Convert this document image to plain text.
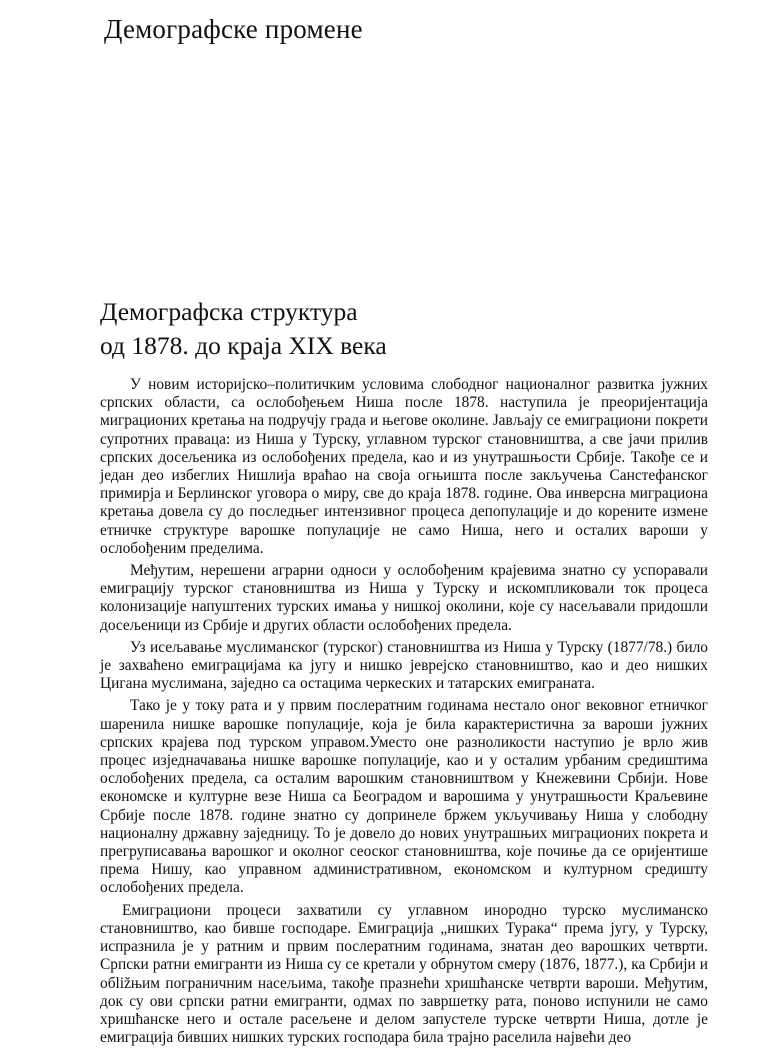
Демографске промене
Демографска структура
од 1878. до краја XIX века

У новим историјско–политичким условима слободног националног развитка јужних српских области, са ослобођењем Ниша после 1878. наступила је преоријентација миграционих кретања на подручју града и његове околине. Јављају се емиграциони покрети супротних праваца: из Ниша у Турску, углавном турског становништва, а све јачи прилив српских досељеника из ослобођених предела, као и из унутрашњости Србије. Такође се и један део избеглих Нишлија враћао на своја огњишта после закључења Санстефанског примирја и Берлинског уговора о миру, све до краја 1878. године. Ова инверсна миграциона кретања довела су до последњег интензивног процеса депопулације и до корените измене етничке структуре варошке популације не само Ниша, него и осталих вароши у ослобођеним пределима.

Међутим, нерешени аграрни односи у ослобођеним крајевима знатно су успоравали емиграцију турског становништва из Ниша у Турску и искомпликовали ток процеса колонизације напуштених турских имања у нишкој околини, које су насељавали придошли досељеници из Србије и других области ослобођених предела.

Уз исељавање муслиманског (турског) становништва из Ниша у Турску (1877/78.) било је захваћено емиграцијама ка југу и нишко јеврејско становништво, као и део нишких Цигана муслимана, заједно са остацима черкеских и татарских емиграната.

Тако је у току рата и у првим послератним годинама нестало оног вековног етничког шаренила нишке варошке популације, која је била карактеристична за вароши јужних српских крајева под турском управом.Уместо оне разноликости наступио је врло жив процес изједначавања нишке варошке популације, као и у осталим урбаним средиштима ослобођених предела, са осталим варошким становништвом у Кнежевини Србији. Нове економске и културне везе Ниша са Београдом и варошима у унутрашњости Краљевине Србије после 1878. године знатно су допринеле бржем укључивању Ниша у слободну националну државну заједницу. То је довело до нових унутрашњих миграционих покрета и прегруписавања варошког и околног сеоског становништва, које почиње да се оријентише према Нишу, као управном административном, економском и културном средишту ослобођених предела.

Емиграциони процеси захватили су углавном инородно турско муслиманско становништво, као бивше господаре. Емиграција „нишких Турака“ према југу, у Турску, испразнила је у ратним и првим послератним годинама, знатан део варошких четврти. Српски ратни емигранти из Ниша су се кретали у обрнутом смеру (1876, 1877.), ка Србији и обližњим пограничним насељима, такође празнећи хришћанске четврти вароши. Међутим, док су ови српски ратни емигранти, одмах по завршетку рата, поново испунили не само хришћанске него и остале расељене и делом запустеле турске четврти Ниша, дотле је емиграција бивших нишких турских господара била трајно раселила највећи део
